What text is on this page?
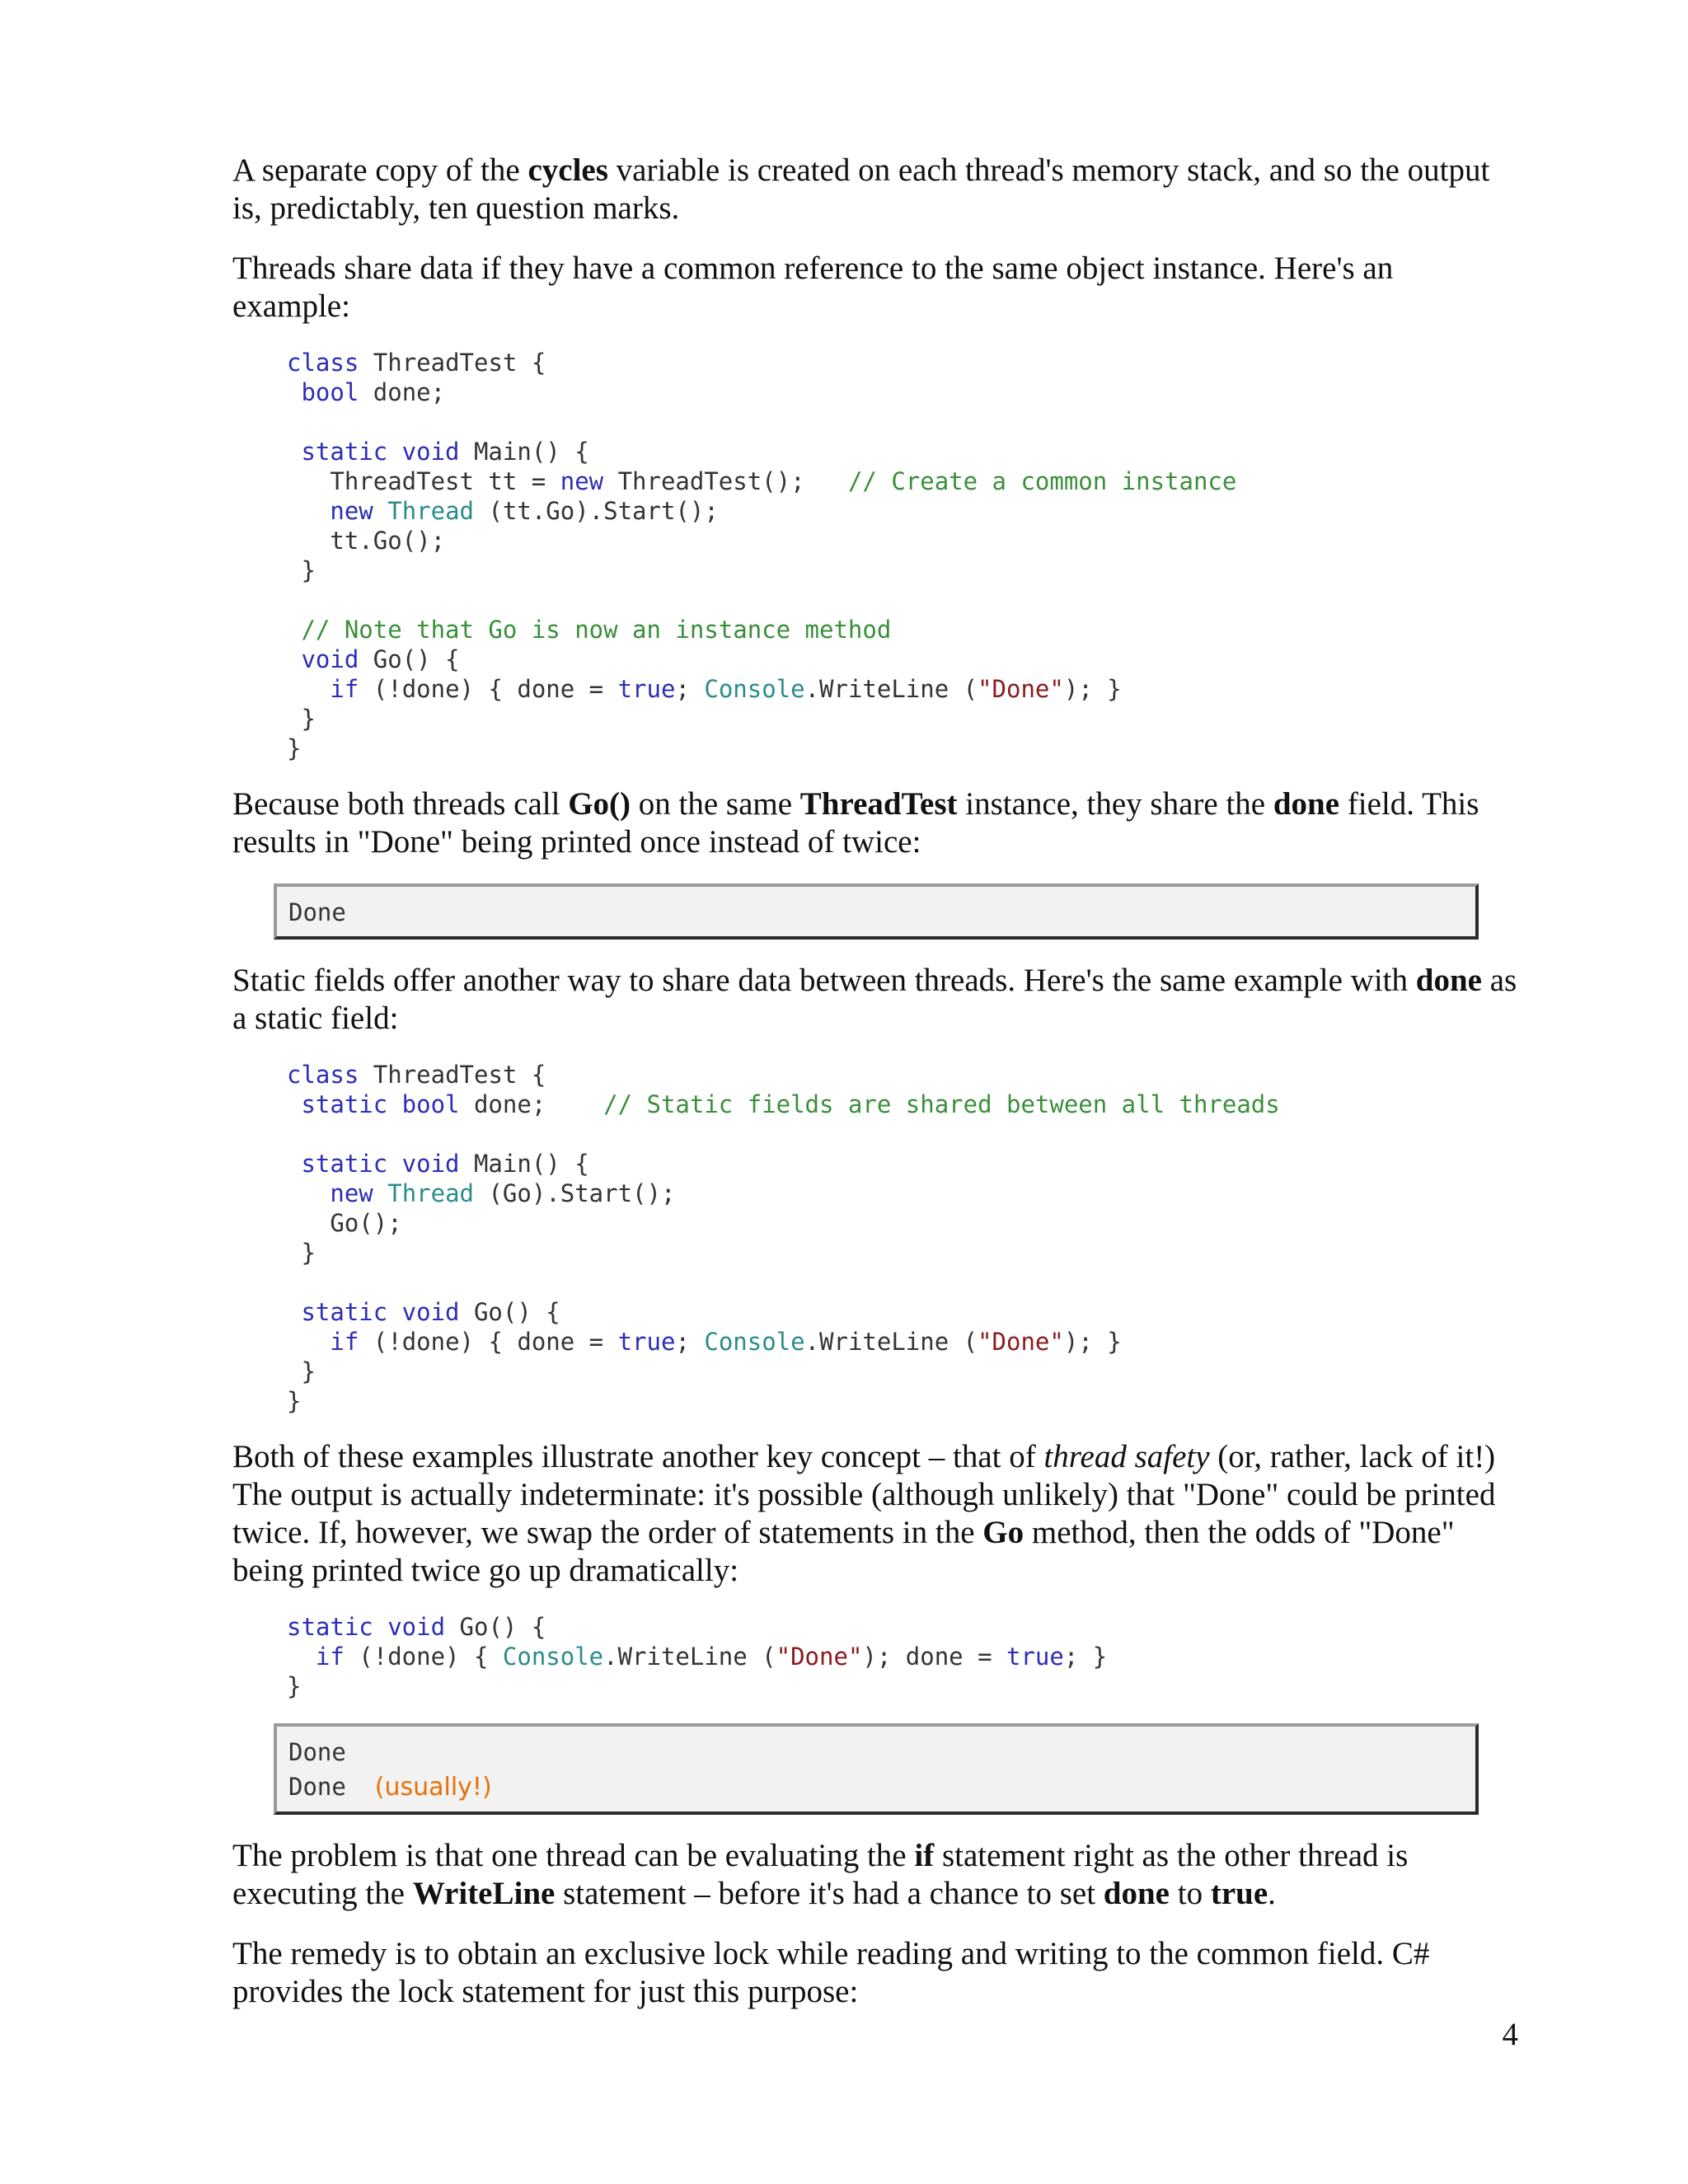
A separate copy of the cycles variable is created on each thread's memory stack, and so the output is, predictably, ten question marks.

Threads share data if they have a common reference to the same object instance. Here's an example:

class ThreadTest {
bool done;
static void Main() {
ThreadTest tt = new ThreadTest();   // Create a common instance
new Thread (tt.Go).Start();
tt.Go();
}
// Note that Go is now an instance method
void Go() {
if (!done) { done = true; Console.WriteLine ("Done"); }
}
}

Because both threads call Go() on the same ThreadTest instance, they share the done field. This results in "Done" being printed once instead of twice:

Done

Static fields offer another way to share data between threads. Here's the same example with done as a static field:

class ThreadTest {
static bool done;    // Static fields are shared between all threads
static void Main() {
new Thread (Go).Start();
Go();
}
static void Go() {
if (!done) { done = true; Console.WriteLine ("Done"); }
}
}

Both of these examples illustrate another key concept – that of thread safety (or, rather, lack of it!) The output is actually indeterminate: it's possible (although unlikely) that "Done" could be printed twice. If, however, we swap the order of statements in the Go method, then the odds of "Done" being printed twice go up dramatically:

static void Go() {
if (!done) { Console.WriteLine ("Done"); done = true; }
}
Done
Done  (usually!)

The problem is that one thread can be evaluating the if statement right as the other thread is executing the WriteLine statement – before it's had a chance to set done to true.

The remedy is to obtain an exclusive lock while reading and writing to the common field. C# provides the lock statement for just this purpose:

4
